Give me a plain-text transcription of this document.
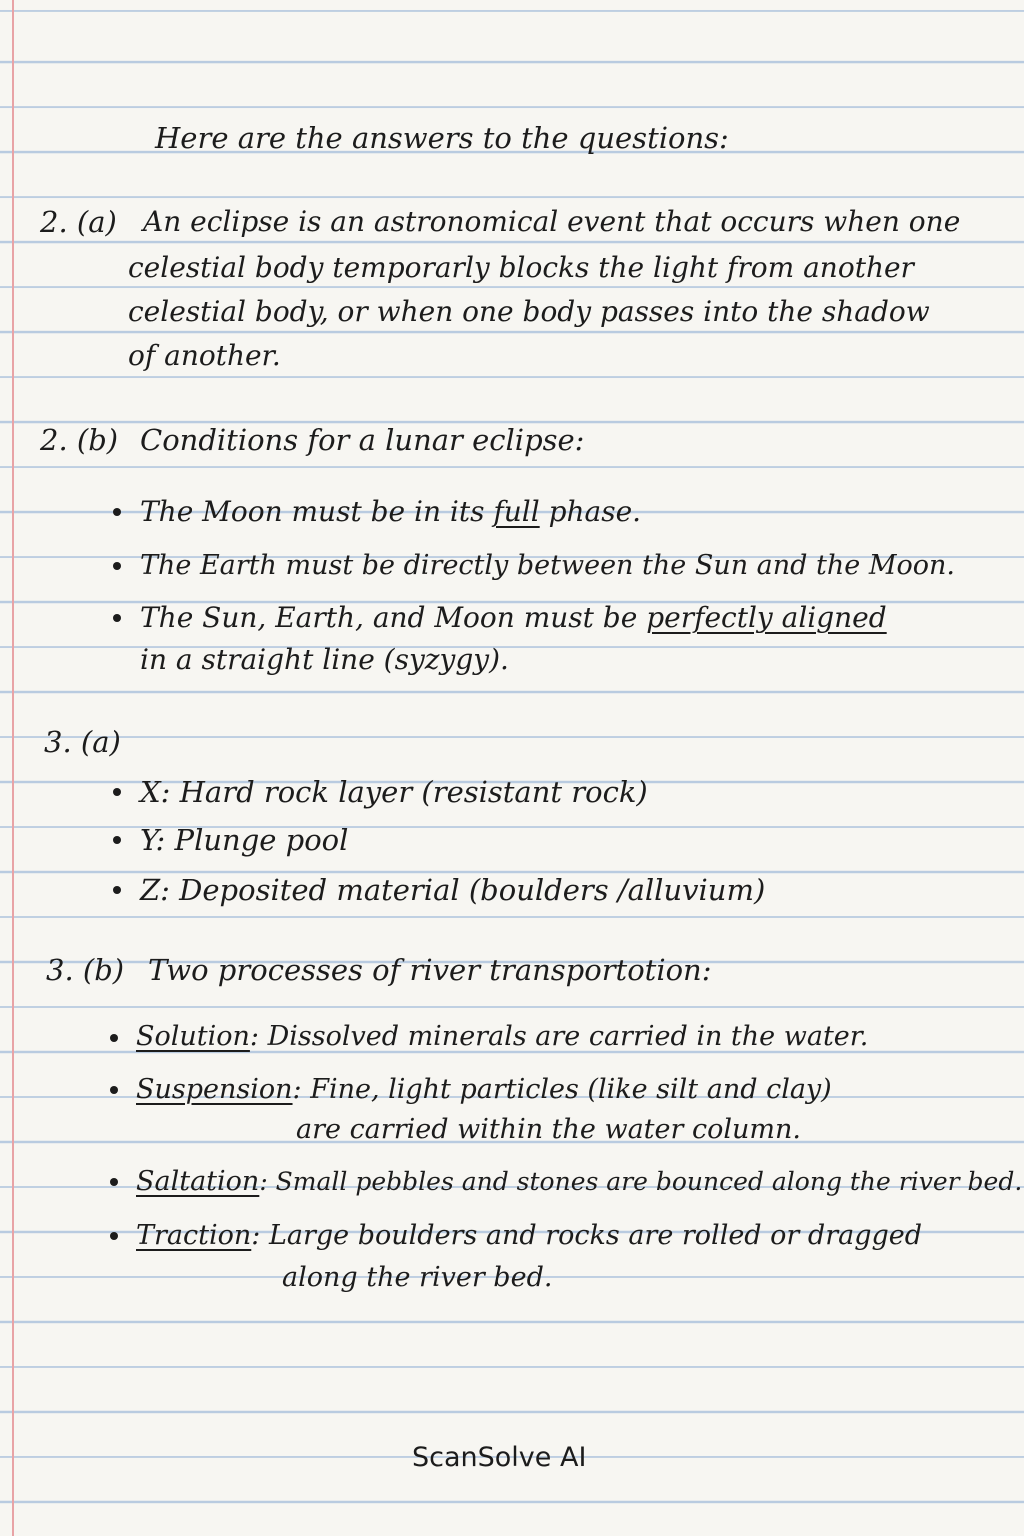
Here are the answers to the questions:
2. (a) An eclipse is an astronomical event that occurs when one
celestial body temporarly blocks the light from another
celestial body, or when one body passes into the shadow
of another.
2. (b) Conditions for a lunar eclipse:
The Moon must be in its full phase.
The Earth must be directly between the Sun and the Moon.
The Sun, Earth, and Moon must be perfectly aligned
in a straight line (syzygy).
3. (a)
X: Hard rock layer (resistant rock)
Y: Plunge pool
Z: Deposited material (boulders /alluvium)
3. (b) Two processes of river transportotion:
Solution: Dissolved minerals are carried in the water.
Suspension: Fine, light particles (like silt and clay)
are carried within the water column.
Saltation: Small pebbles and stones are bounced along the river bed.
Traction: Large boulders and rocks are rolled or dragged
along the river bed.
ScanSolve AI
